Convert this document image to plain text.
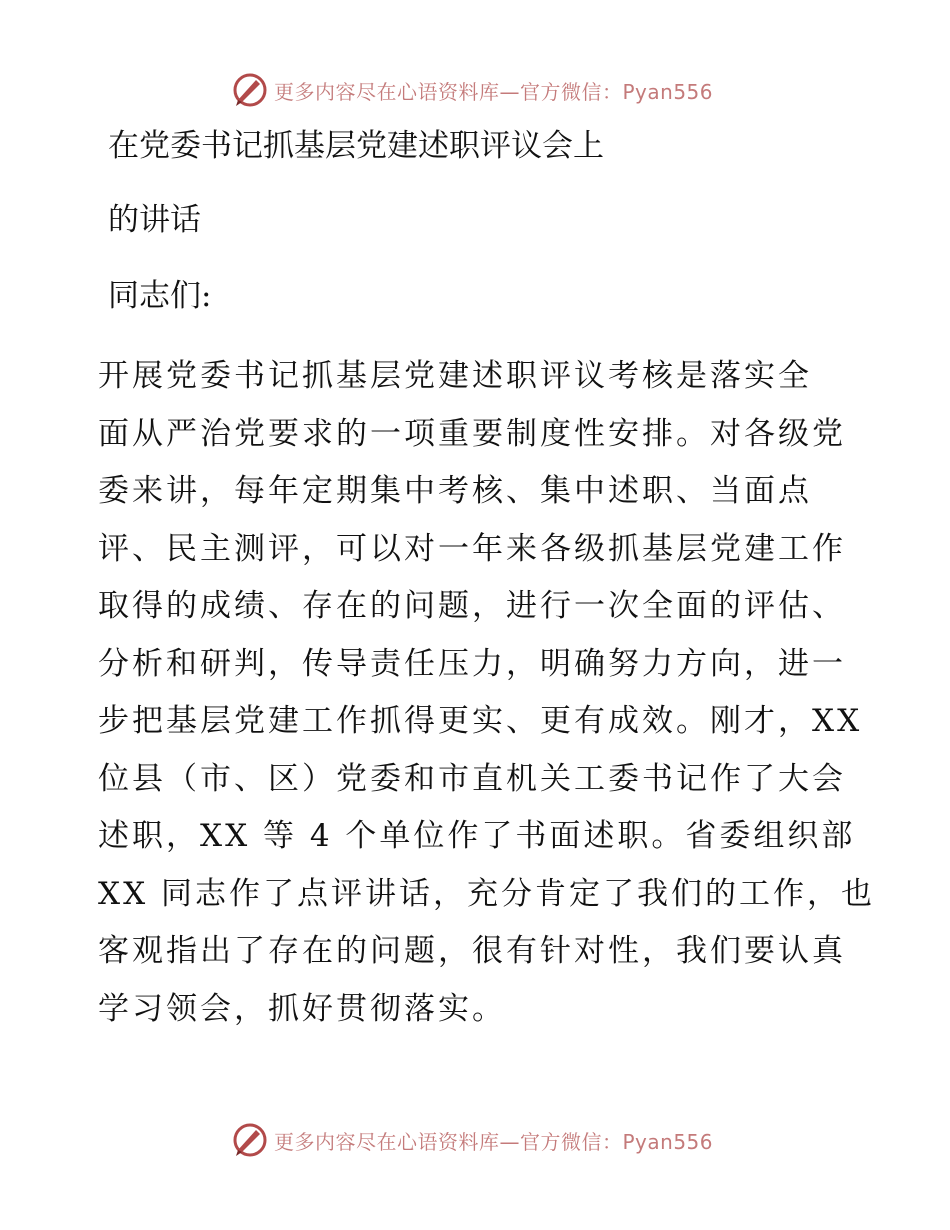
更多内容尽在心语资料库—官方微信：Pyan556
在党委书记抓基层党建述职评议会上
的讲话
同志们:
开展党委书记抓基层党建述职评议考核是落实全
面从严治党要求的一项重要制度性安排。对各级党
委来讲，每年定期集中考核、集中述职、当面点
评、民主测评，可以对一年来各级抓基层党建工作
取得的成绩、存在的问题，进行一次全面的评估、
分析和研判，传导责任压力，明确努力方向，进一
步把基层党建工作抓得更实、更有成效。刚才，XX
位县（市、区）党委和市直机关工委书记作了大会
述职，XX 等 4 个单位作了书面述职。省委组织部
XX 同志作了点评讲话，充分肯定了我们的工作，也
客观指出了存在的问题，很有针对性，我们要认真
学习领会，抓好贯彻落实。
更多内容尽在心语资料库—官方微信：Pyan556
